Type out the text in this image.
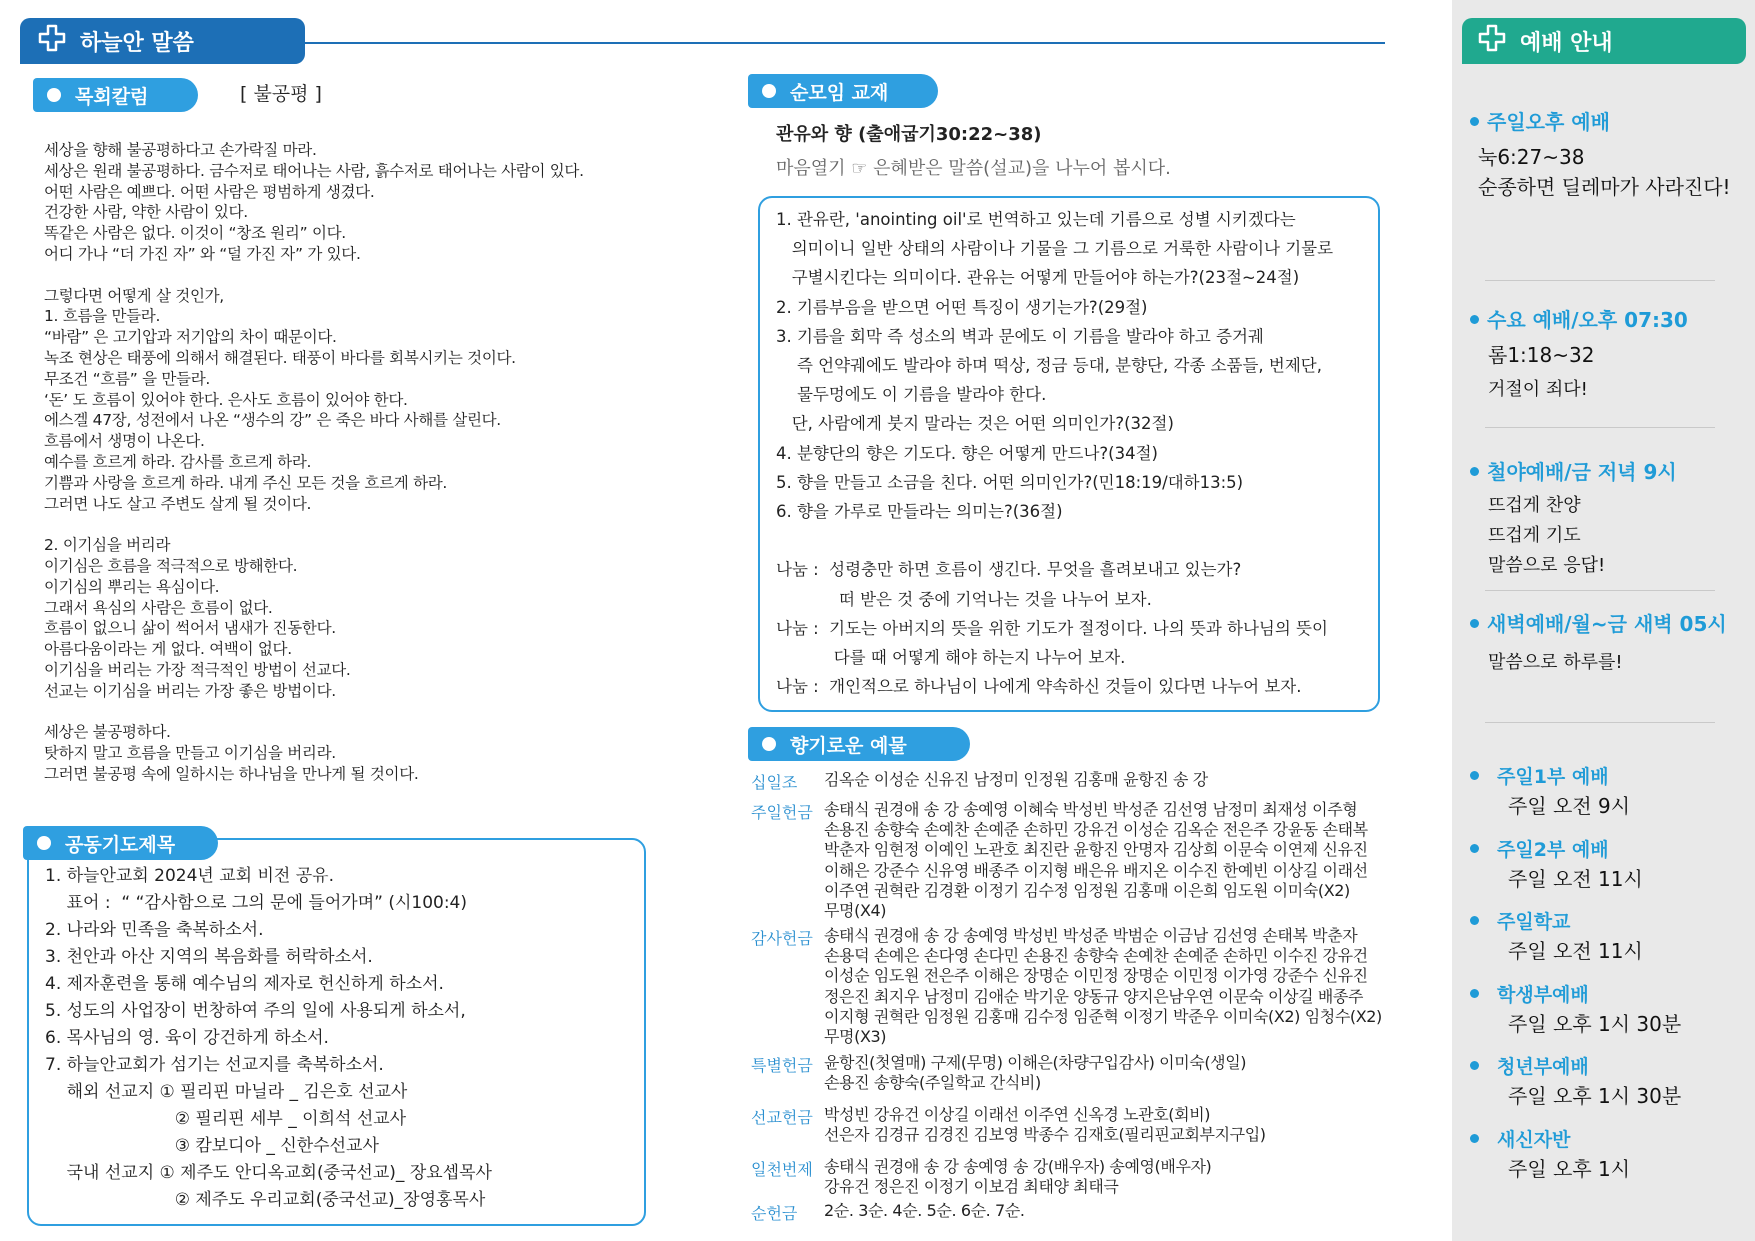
하늘안 말씀
목회칼럼	[ 불공평 ]
세상을 향해 불공평하다고 손가락질 마라.
세상은 원래 불공평하다. 금수저로 태어나는 사람, 흙수저로 태어나는 사람이 있다.
어떤 사람은 예쁘다. 어떤 사람은 평범하게 생겼다.
건강한 사람, 약한 사람이 있다.
똑같은 사람은 없다. 이것이 “창조 원리” 이다.
어디 가나 “더 가진 자” 와 “덜 가진 자” 가 있다.
그렇다면 어떻게 살 것인가,
1. 흐름을 만들라.
“바람” 은 고기압과 저기압의 차이 때문이다.
녹조 현상은 태풍에 의해서 해결된다. 태풍이 바다를 회복시키는 것이다.
무조건 “흐름” 을 만들라.
‘돈’ 도 흐름이 있어야 한다. 은사도 흐름이 있어야 한다.
에스겔 47장, 성전에서 나온 “생수의 강” 은 죽은 바다 사해를 살린다.
흐름에서 생명이 나온다.
예수를 흐르게 하라. 감사를 흐르게 하라.
기쁨과 사랑을 흐르게 하라. 내게 주신 모든 것을 흐르게 하라.
그러면 나도 살고 주변도 살게 될 것이다.
2. 이기심을 버리라
이기심은 흐름을 적극적으로 방해한다.
이기심의 뿌리는 욕심이다.
그래서 욕심의 사람은 흐름이 없다.
흐름이 없으니 삶이 썩어서 냄새가 진동한다.
아름다움이라는 게 없다. 여백이 없다.
이기심을 버리는 가장 적극적인 방법이 선교다.
선교는 이기심을 버리는 가장 좋은 방법이다.
세상은 불공평하다.
탓하지 말고 흐름을 만들고 이기심을 버리라.
그러면 불공평 속에 일하시는 하나님을 만나게 될 것이다.
공동기도제목
1. 하늘안교회 2024년 교회 비전 공유.
표어 :  “ “감사함으로 그의 문에 들어가며” (시100:4)
2. 나라와 민족을 축복하소서.
3. 천안과 아산 지역의 복음화를 허락하소서.
4. 제자훈련을 통해 예수님의 제자로 헌신하게 하소서.
5. 성도의 사업장이 번창하여 주의 일에 사용되게 하소서,
6. 목사님의 영. 육이 강건하게 하소서.
7. 하늘안교회가 섬기는 선교지를 축복하소서.
해외 선교지 ① 필리핀 마닐라 _ 김은호 선교사
② 필리핀 세부 _ 이희석 선교사
③ 캄보디아 _ 신한수선교사
국내 선교지 ① 제주도 안디옥교회(중국선교)_ 장요셉목사
② 제주도 우리교회(중국선교)_장영홍목사
순모임 교재
관유와 향 (출애굽기30:22~38)
마음열기 ☞ 은혜받은 말씀(설교)을 나누어 봅시다.
1. 관유란, 'anointing oil'로 번역하고 있는데 기름으로 성별 시키겠다는
의미이니 일반 상태의 사람이나 기물을 그 기름으로 거룩한 사람이나 기물로
구별시킨다는 의미이다. 관유는 어떻게 만들어야 하는가?(23절~24절)
2. 기름부음을 받으면 어떤 특징이 생기는가?(29절)
3. 기름을 회막 즉 성소의 벽과 문에도 이 기름을 발라야 하고 증거궤
즉 언약궤에도 발라야 하며 떡상, 정금 등대, 분향단, 각종 소품들, 번제단,
물두멍에도 이 기름을 발라야 한다.
단, 사람에게 붓지 말라는 것은 어떤 의미인가?(32절)
4. 분향단의 향은 기도다. 향은 어떻게 만드나?(34절)
5. 향을 만들고 소금을 친다. 어떤 의미인가?(민18:19/대하13:5)
6. 향을 가루로 만들라는 의미는?(36절)
나눔 :  성령충만 하면 흐름이 생긴다. 무엇을 흘려보내고 있는가?
떠 받은 것 중에 기억나는 것을 나누어 보자.
나눔 :  기도는 아버지의 뜻을 위한 기도가 절정이다. 나의 뜻과 하나님의 뜻이
다를 때 어떻게 해야 하는지 나누어 보자.
나눔 :  개인적으로 하나님이 나에게 약속하신 것들이 있다면 나누어 보자.
향기로운 예물
십일조 김옥순 이성순 신유진 남정미 인정원 김홍매 윤항진 송 강
주일헌금 송태식 권경애 송 강 송예영 이혜숙 박성빈 박성준 김선영 남정미 최재성 이주형
손용진 송향숙 손예찬 손예준 손하민 강유건 이성순 김옥순 전은주 강윤동 손태복
박춘자 임현정 이예인 노관호 최진란 윤항진 안명자 김상희 이문숙 이연제 신유진
이해은 강준수 신유영 배종주 이지형 배은유 배지온 이수진 한예빈 이상길 이래선
이주연 권혁란 김경환 이정기 김수정 임정원 김홍매 이은희 임도원 이미숙(X2)
무명(X4)
감사헌금 송태식 권경애 송 강 송예영 박성빈 박성준 박범순 이금남 김선영 손태복 박춘자
손용덕 손예은 손다영 손다민 손용진 송향숙 손예찬 손예준 손하민 이수진 강유건
이성순 임도원 전은주 이해은 장명순 이민정 장명순 이민정 이가영 강준수 신유진
정은진 최지우 남정미 김애순 박기운 양동규 양지은남우연 이문숙 이상길 배종주
이지형 권혁란 임정원 김홍매 김수정 임준혁 이정기 박준우 이미숙(X2) 임청수(X2)
무명(X3)
특별헌금 윤항진(첫열매) 구제(무명) 이해은(차량구입감사) 이미숙(생일)
손용진 송향숙(주일학교 간식비)
선교헌금 박성빈 강유건 이상길 이래선 이주연 신옥경 노관호(회비)
선은자 김경규 김경진 김보영 박종수 김재호(필리핀교회부지구입)
일천번제 송태식 권경애 송 강 송예영 송 강(배우자) 송예영(배우자)
강유건 정은진 이정기 이보검 최태양 최태극
순헌금 2순. 3순. 4순. 5순. 6순. 7순.
예배 안내
주일오후 예배
눅6:27~38
순종하면 딜레마가 사라진다!
수요 예배/오후 07:30
롬1:18~32
거절이 죄다!
철야예배/금 저녁 9시
뜨겁게 찬양
뜨겁게 기도
말씀으로 응답!
새벽예배/월~금 새벽 05시
말씀으로 하루를!
주일1부 예배
주일 오전 9시
주일2부 예배
주일 오전 11시
주일학교
주일 오전 11시
학생부예배
주일 오후 1시 30분
청년부예배
주일 오후 1시 30분
새신자반
주일 오후 1시
